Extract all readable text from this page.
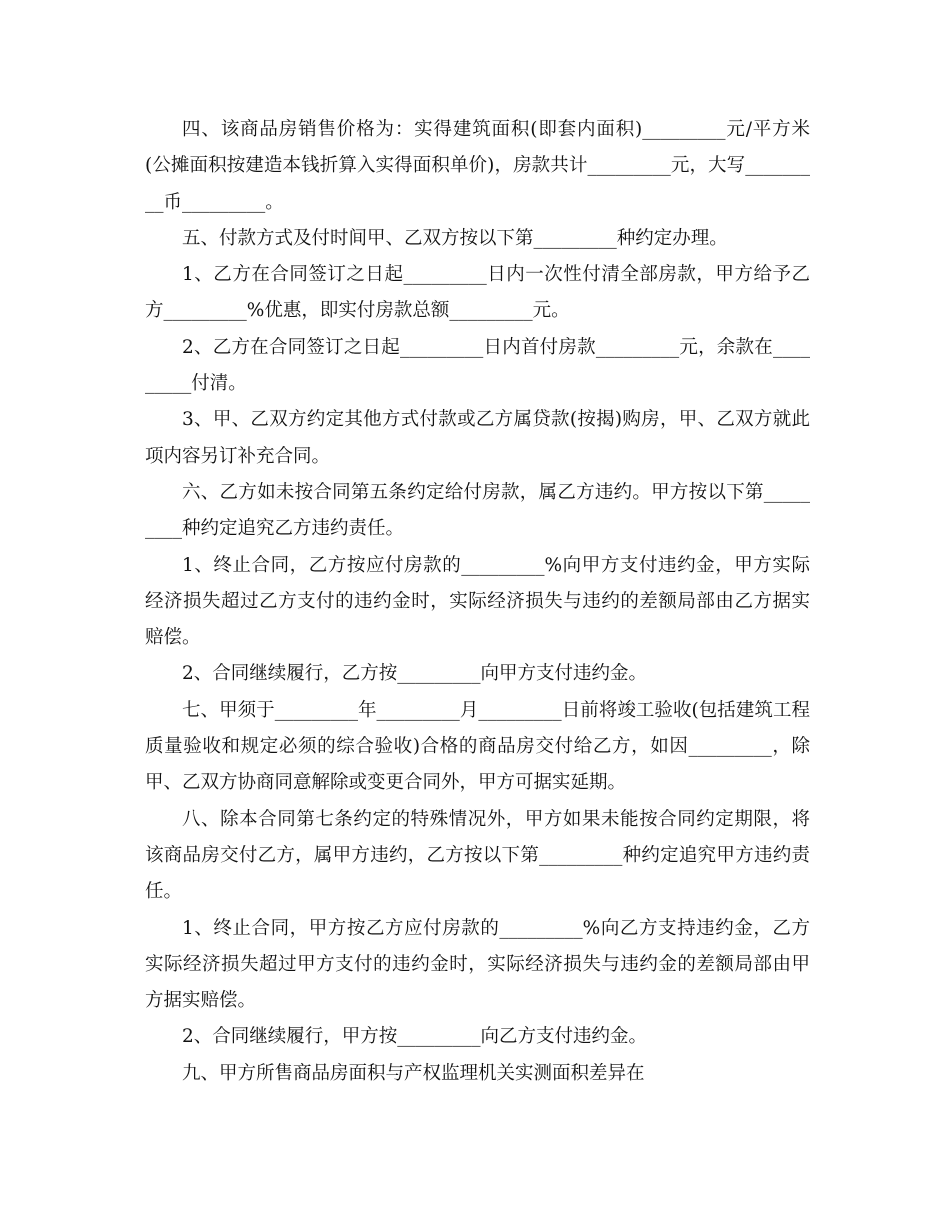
四、该商品房销售价格为：实得建筑面积(即套内面积)_________元/平方米(公摊面积按建造本钱折算入实得面积单价)，房款共计_________元，大写_________币_________。

五、付款方式及付时间甲、乙双方按以下第_________种约定办理。

1、乙方在合同签订之日起_________日内一次性付清全部房款，甲方给予乙方_________%优惠，即实付房款总额_________元。

2、乙方在合同签订之日起_________日内首付房款_________元，余款在_________付清。

3、甲、乙双方约定其他方式付款或乙方属贷款(按揭)购房，甲、乙双方就此项内容另订补充合同。

六、乙方如未按合同第五条约定给付房款，属乙方违约。甲方按以下第_________种约定追究乙方违约责任。

1、终止合同，乙方按应付房款的_________%向甲方支付违约金，甲方实际经济损失超过乙方支付的违约金时，实际经济损失与违约的差额局部由乙方据实赔偿。

2、合同继续履行，乙方按_________向甲方支付违约金。

七、甲须于_________年_________月_________日前将竣工验收(包括建筑工程质量验收和规定必须的综合验收)合格的商品房交付给乙方，如因_________，除甲、乙双方协商同意解除或变更合同外，甲方可据实延期。

八、除本合同第七条约定的特殊情况外，甲方如果未能按合同约定期限，将该商品房交付乙方，属甲方违约，乙方按以下第_________种约定追究甲方违约责任。

1、终止合同，甲方按乙方应付房款的_________%向乙方支持违约金，乙方实际经济损失超过甲方支付的违约金时，实际经济损失与违约金的差额局部由甲方据实赔偿。

2、合同继续履行，甲方按_________向乙方支付违约金。

九、甲方所售商品房面积与产权监理机关实测面积差异在
